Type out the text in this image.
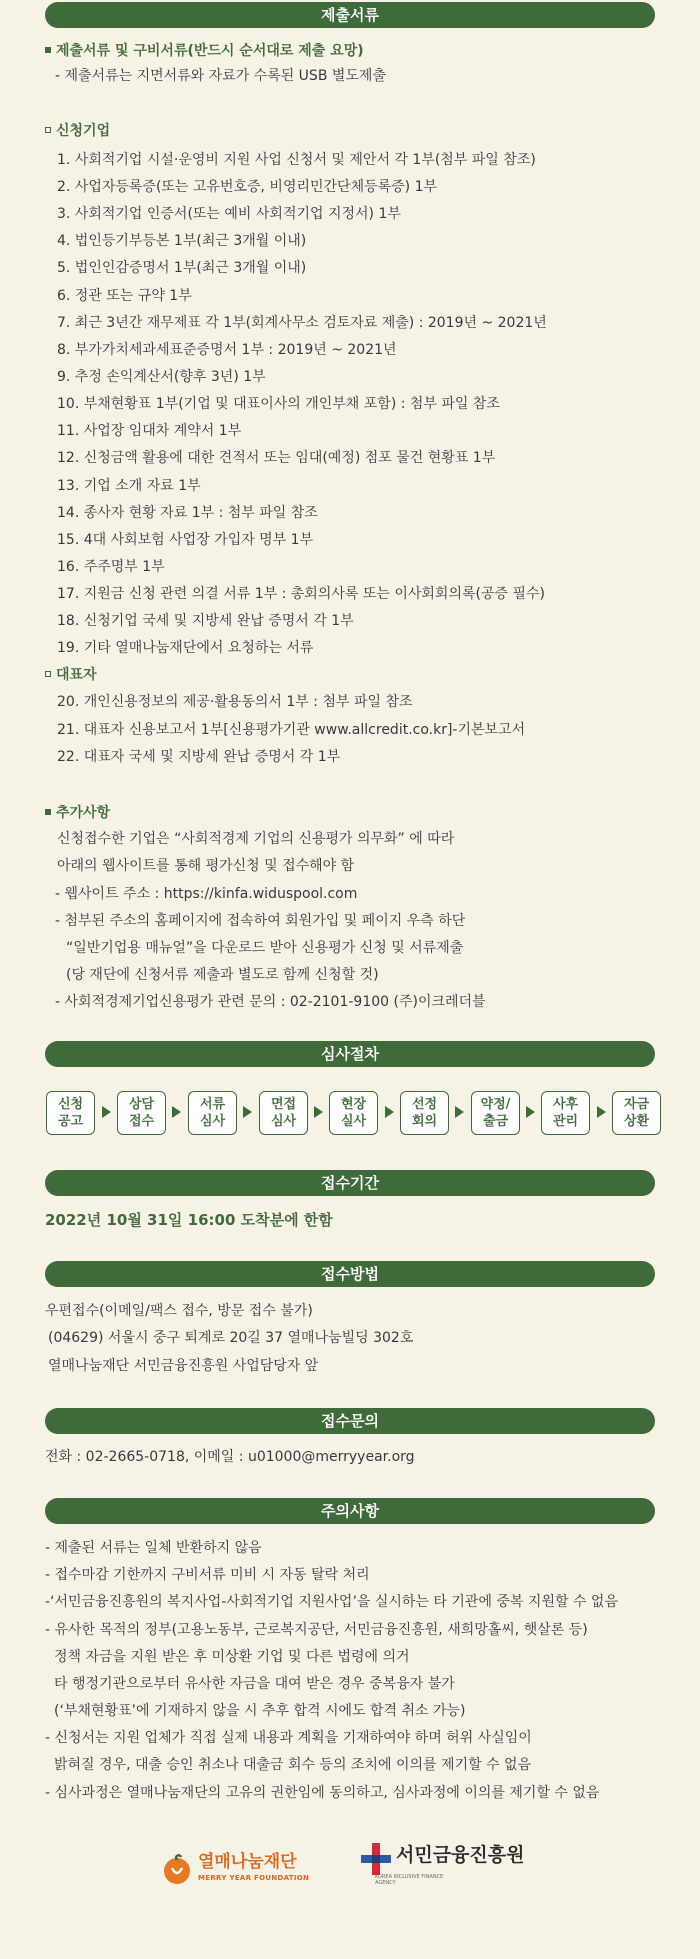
제출서류
제출서류 및 구비서류(반드시 순서대로 제출 요망)
- 제출서류는 지면서류와 자료가 수록된 USB 별도제출
신청기업
1. 사회적기업 시설·운영비 지원 사업 신청서 및 제안서 각 1부(첨부 파일 참조)
2. 사업자등록증(또는 고유번호증, 비영리민간단체등록증) 1부
3. 사회적기업 인증서(또는 예비 사회적기업 지정서) 1부
4. 법인등기부등본 1부(최근 3개월 이내)
5. 법인인감증명서 1부(최근 3개월 이내)
6. 정관 또는 규약 1부
7. 최근 3년간 재무제표 각 1부(회계사무소 검토자료 제출) : 2019년 ~ 2021년
8. 부가가치세과세표준증명서 1부 : 2019년 ~ 2021년
9. 추정 손익계산서(향후 3년) 1부
10. 부채현황표 1부(기업 및 대표이사의 개인부채 포함) : 첨부 파일 참조
11. 사업장 임대차 계약서 1부
12. 신청금액 활용에 대한 견적서 또는 임대(예정) 점포 물건 현황표 1부
13. 기업 소개 자료 1부
14. 종사자 현황 자료 1부 : 첨부 파일 참조
15. 4대 사회보험 사업장 가입자 명부 1부
16. 주주명부 1부
17. 지원금 신청 관련 의결 서류 1부 : 총회의사록 또는 이사회회의록(공증 필수)
18. 신청기업 국세 및 지방세 완납 증명서 각 1부
19. 기타 열매나눔재단에서 요청하는 서류
대표자
20. 개인신용정보의 제공·활용동의서 1부 : 첨부 파일 참조
21. 대표자 신용보고서 1부[신용평가기관 www.allcredit.co.kr]-기본보고서
22. 대표자 국세 및 지방세 완납 증명서 각 1부
추가사항
신청접수한 기업은 “사회적경제 기업의 신용평가 의무화” 에 따라
아래의 웹사이트를 통해 평가신청 및 접수해야 함
- 웹사이트 주소 : https://kinfa.widuspool.com
- 첨부된 주소의 홈페이지에 접속하여 회원가입 및 페이지 우측 하단
“일반기업용 매뉴얼”을 다운로드 받아 신용평가 신청 및 서류제출
(당 재단에 신청서류 제출과 별도로 함께 신청할 것)
- 사회적경제기업신용평가 관련 문의 : 02-2101-9100 (주)이크레더블
심사절차
신청
공고
상담
접수
서류
심사
면접
심사
현장
실사
선정
회의
약정/
출금
사후
관리
자금
상환
접수기간
2022년 10월 31일 16:00 도착분에 한함
접수방법
우편접수(이메일/팩스 접수, 방문 접수 불가)
(04629) 서울시 중구 퇴계로 20길 37 열매나눔빌딩 302호
열매나눔재단 서민금융진흥원 사업담당자 앞
접수문의
전화 : 02-2665-0718, 이메일 : u01000@merryyear.org
주의사항
- 제출된 서류는 일체 반환하지 않음
- 접수마감 기한까지 구비서류 미비 시 자동 탈락 처리
-‘서민금융진흥원의 복지사업-사회적기업 지원사업’을 실시하는 타 기관에 중복 지원할 수 없음
- 유사한 목적의 정부(고용노동부, 근로복지공단, 서민금융진흥원, 새희망홀씨, 햇살론 등)
정책 자금을 지원 받은 후 미상환 기업 및 다른 법령에 의거
타 행정기관으로부터 유사한 자금을 대여 받은 경우 중복융자 불가
(‘부채현황표’에 기재하지 않을 시 추후 합격 시에도 합격 취소 가능)
- 신청서는 지원 업체가 직접 실제 내용과 계획을 기재하여야 하며 허위 사실임이
밝혀질 경우, 대출 승인 취소나 대출금 회수 등의 조치에 이의를 제기할 수 없음
- 심사과정은 열매나눔재단의 고유의 권한임에 동의하고, 심사과정에 이의를 제기할 수 없음
열매나눔재단
MERRY YEAR FOUNDATION
서민금융진흥원
KOREA INCLUSIVE FINANCE AGENCY
